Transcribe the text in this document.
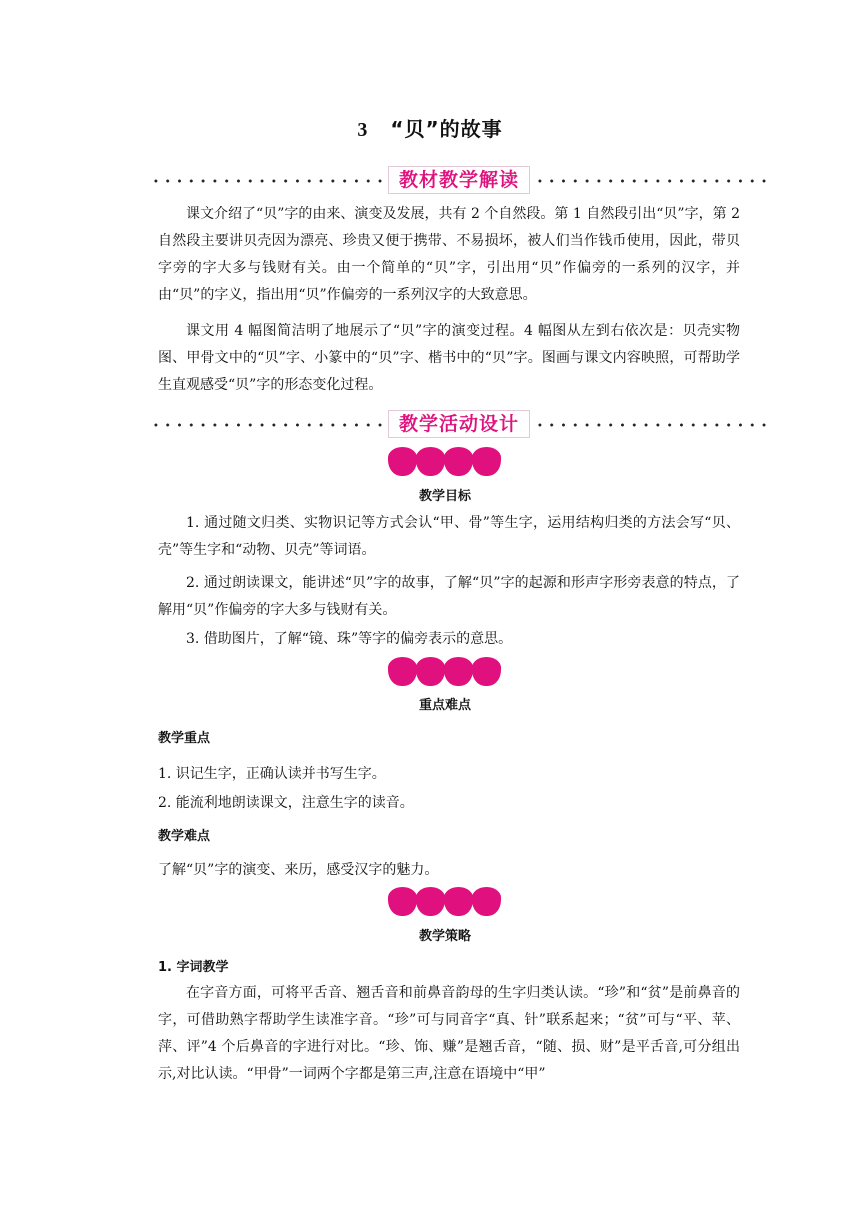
3 “贝”的故事
教材教学解读

课文介绍了“贝”字的由来、演变及发展，共有 2 个自然段。第 1 自然段引出“贝”字，第 2 自然段主要讲贝壳因为漂亮、珍贵又便于携带、不易损坏，被人们当作钱币使用，因此，带贝字旁的字大多与钱财有关。由一个简单的“贝”字，引出用“贝”作偏旁的一系列的汉字，并由“贝”的字义，指出用“贝”作偏旁的一系列汉字的大致意思。

课文用 4 幅图简洁明了地展示了“贝”字的演变过程。4 幅图从左到右依次是：贝壳实物图、甲骨文中的“贝”字、小篆中的“贝”字、楷书中的“贝”字。图画与课文内容映照，可帮助学生直观感受“贝”字的形态变化过程。

教学活动设计
教学目标

1. 通过随文归类、实物识记等方式会认“甲、骨”等生字，运用结构归类的方法会写“贝、壳”等生字和“动物、贝壳”等词语。

2. 通过朗读课文，能讲述“贝”字的故事，了解“贝”字的起源和形声字形旁表意的特点，了解用“贝”作偏旁的字大多与钱财有关。

3. 借助图片，了解“镜、珠”等字的偏旁表示的意思。

重点难点
教学重点
1. 识记生字，正确认读并书写生字。
2. 能流利地朗读课文，注意生字的读音。
教学难点
了解“贝”字的演变、来历，感受汉字的魅力。
教学策略
1. 字词教学

在字音方面，可将平舌音、翘舌音和前鼻音韵母的生字归类认读。“珍”和“贫”是前鼻音的字，可借助熟字帮助学生读准字音。“珍”可与同音字“真、针”联系起来；“贫”可与“平、苹、萍、评”4 个后鼻音的字进行对比。“珍、饰、赚”是翘舌音，“随、损、财”是平舌音,可分组出示,对比认读。“甲骨”一词两个字都是第三声,注意在语境中“甲”
